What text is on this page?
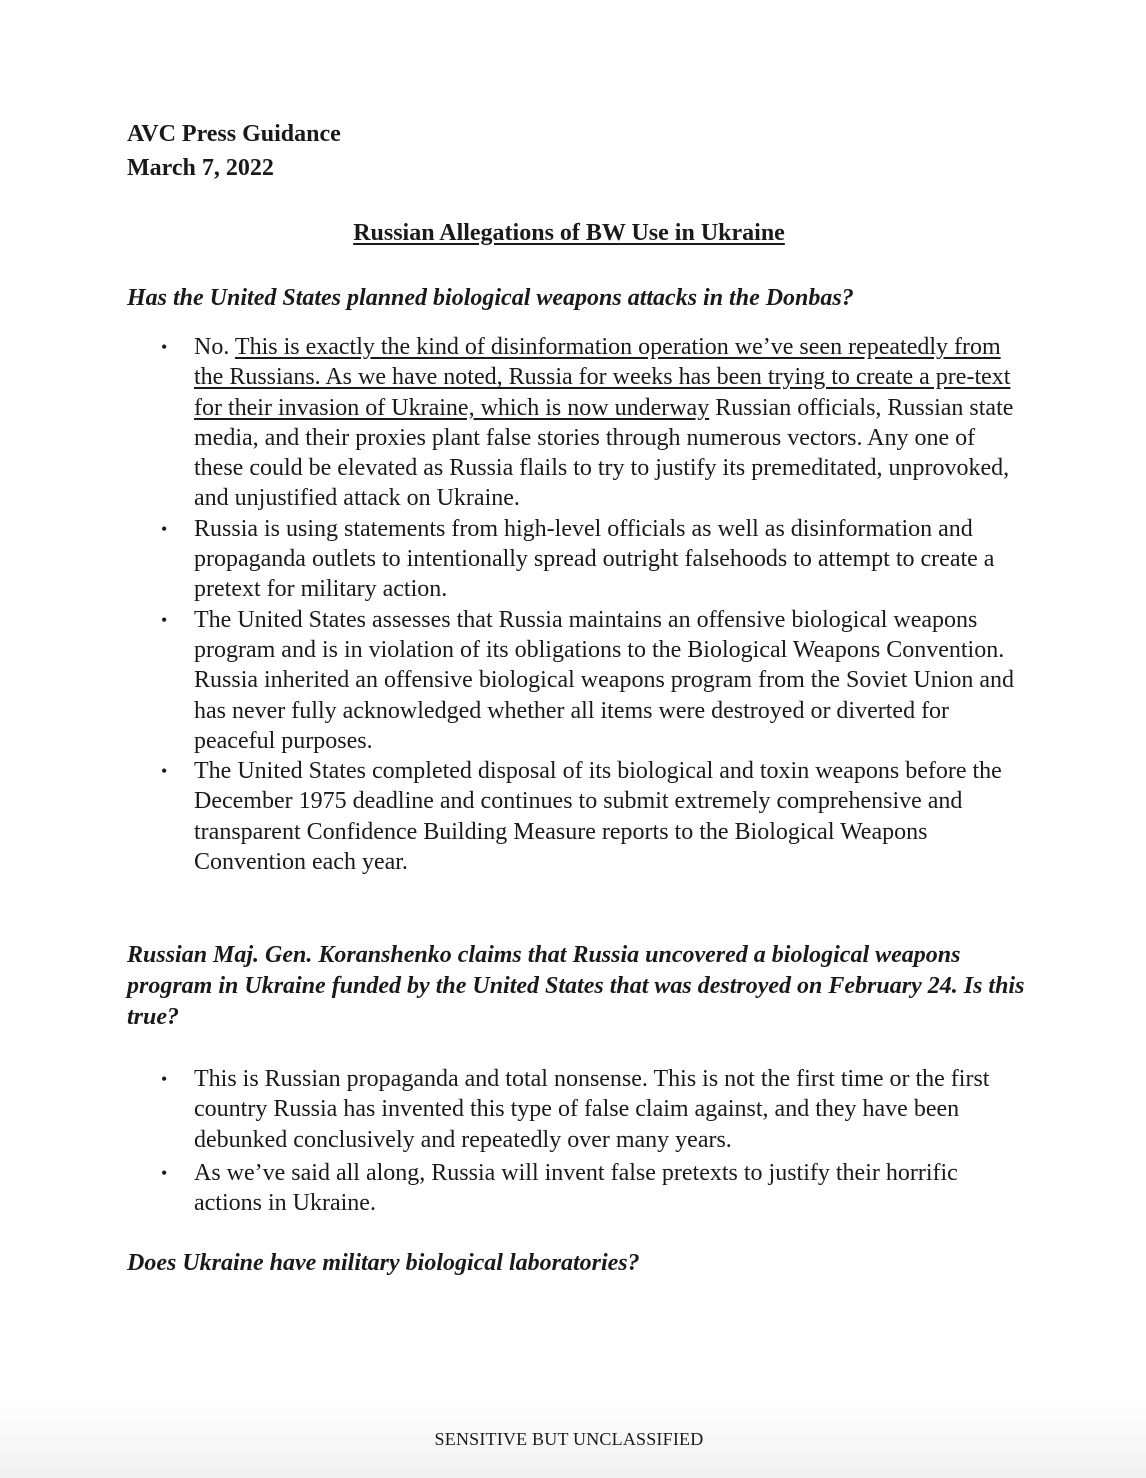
AVC Press Guidance
March 7, 2022
Russian Allegations of BW Use in Ukraine

Has the United States planned biological weapons attacks in the Donbas?

• No. This is exactly the kind of disinformation operation we’ve seen repeatedly from the Russians. As we have noted, Russia for weeks has been trying to create a pre-text for their invasion of Ukraine, which is now underway Russian officials, Russian state media, and their proxies plant false stories through numerous vectors. Any one of these could be elevated as Russia flails to try to justify its premeditated, unprovoked, and unjustified attack on Ukraine.
• Russia is using statements from high-level officials as well as disinformation and propaganda outlets to intentionally spread outright falsehoods to attempt to create a pretext for military action.
• The United States assesses that Russia maintains an offensive biological weapons program and is in violation of its obligations to the Biological Weapons Convention. Russia inherited an offensive biological weapons program from the Soviet Union and has never fully acknowledged whether all items were destroyed or diverted for peaceful purposes.
• The United States completed disposal of its biological and toxin weapons before the December 1975 deadline and continues to submit extremely comprehensive and transparent Confidence Building Measure reports to the Biological Weapons Convention each year.

Russian Maj. Gen. Koranshenko claims that Russia uncovered a biological weapons program in Ukraine funded by the United States that was destroyed on February 24. Is this true?

• This is Russian propaganda and total nonsense. This is not the first time or the first country Russia has invented this type of false claim against, and they have been debunked conclusively and repeatedly over many years.
• As we’ve said all along, Russia will invent false pretexts to justify their horrific actions in Ukraine.

Does Ukraine have military biological laboratories?

SENSITIVE BUT UNCLASSIFIED
